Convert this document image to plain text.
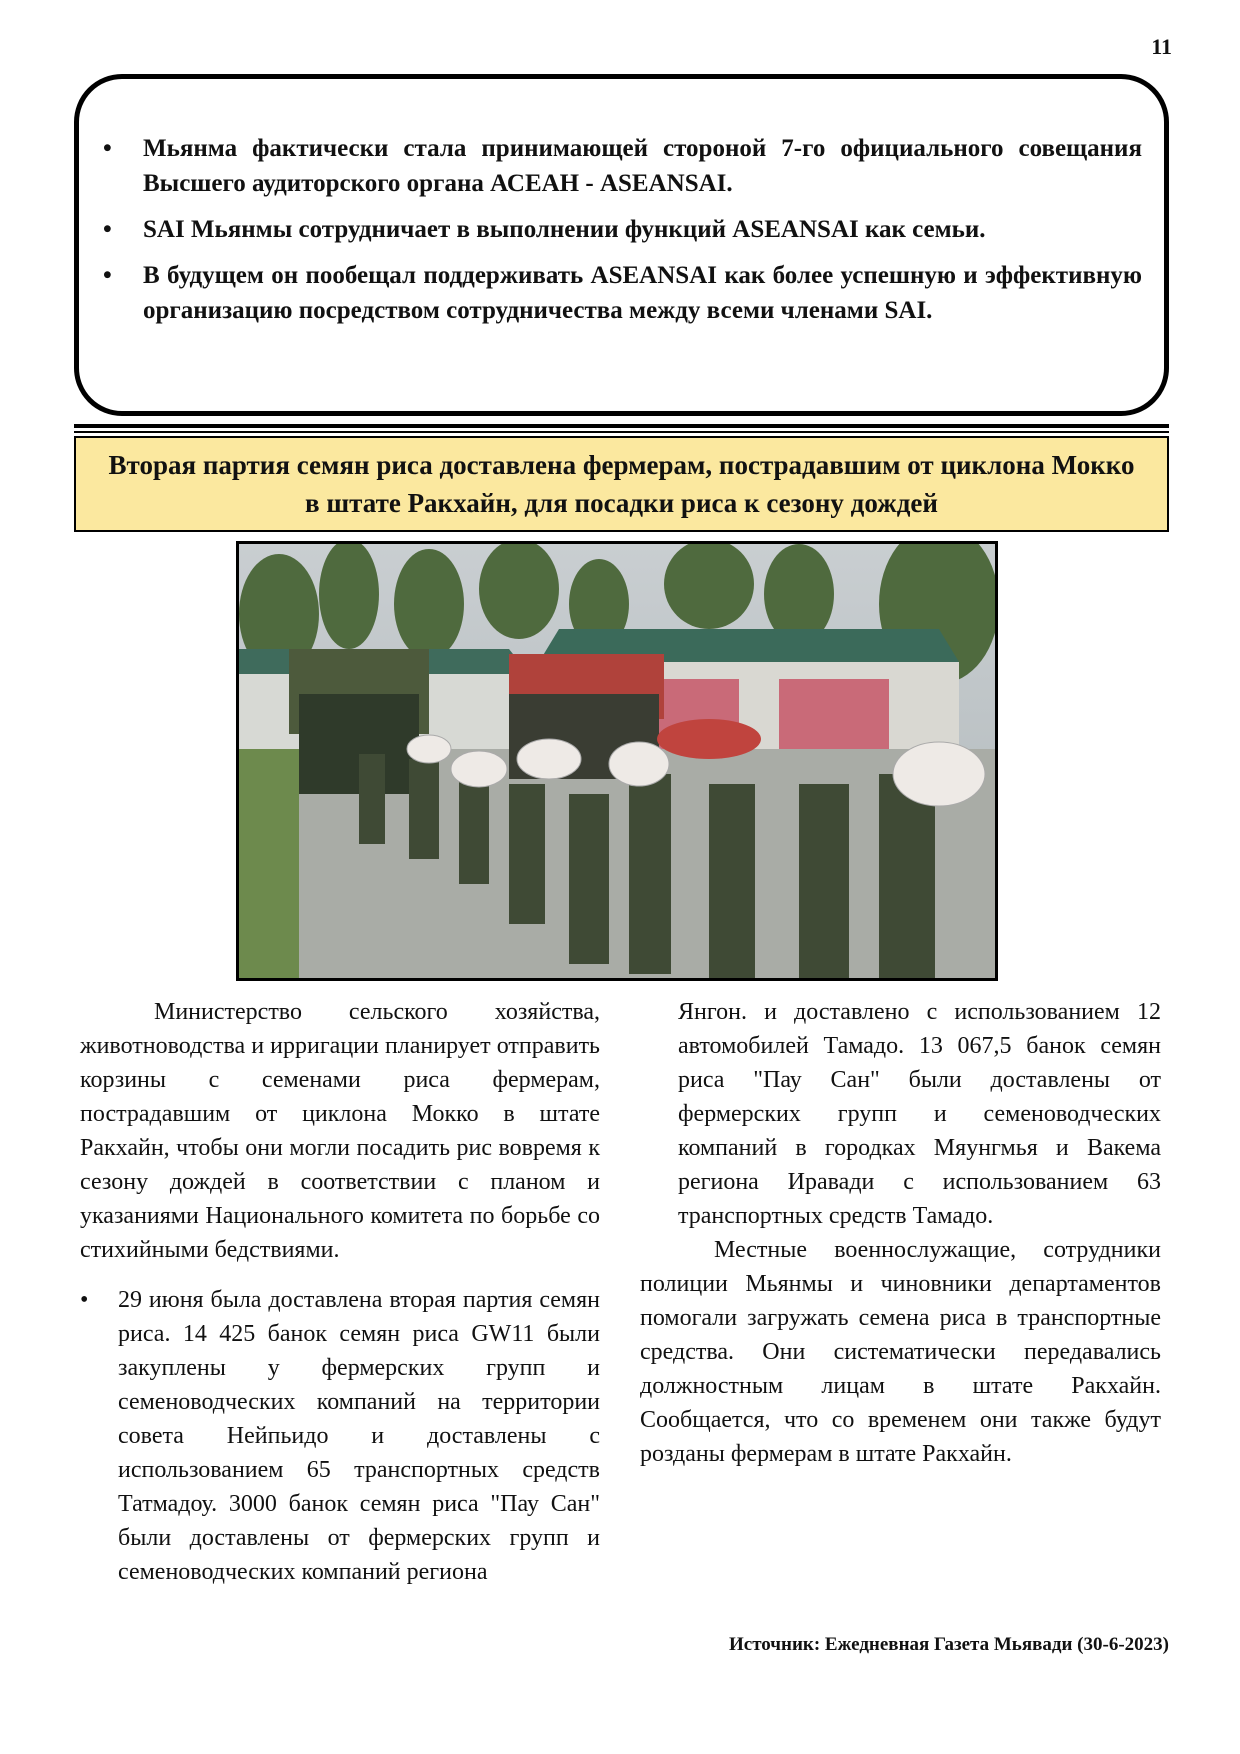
11
• Мьянма фактически стала принимающей стороной 7-го официального совещания Высшего аудиторского органа АСЕАН - ASEANSAI.
• SAI Мьянмы сотрудничает в выполнении функций ASEANSAI как семьи.
• В будущем он пообещал поддерживать ASEANSAI как более успешную и эффективную организацию посредством сотрудничества между всеми членами SAI.
Вторая партия семян риса доставлена фермерам, пострадавшим от циклона Мокко в штате Ракхайн, для посадки риса к сезону дождей

Министерство сельского хозяйства, животноводства и ирригации планирует отправить корзины с семенами риса фермерам, пострадавшим от циклона Мокко в штате Ракхайн, чтобы они могли посадить рис вовремя к сезону дождей в соответствии с планом и указаниями Национального комитета по борьбе со стихийными бедствиями.

• 29 июня была доставлена вторая партия семян риса. 14 425 банок семян риса GW11 были закуплены у фермерских групп и семеноводческих компаний на территории совета Нейпьидо и доставлены с использованием 65 транспортных средств Татмадоу. 3000 банок семян риса "Пау Сан" были доставлены от фермерских групп и семеноводческих компаний региона

Янгон. и доставлено с использованием 12 автомобилей Тамадо. 13 067,5 банок семян риса "Пау Сан" были доставлены от фермерских групп и семеноводческих компаний в городках Мяунгмья и Вакема региона Иравади с использованием 63 транспортных средств Тамадо.

Местные военнослужащие, сотрудники полиции Мьянмы и чиновники департаментов помогали загружать семена риса в транспортные средства. Они систематически передавались должностным лицам в штате Ракхайн. Сообщается, что со временем они также будут розданы фермерам в штате Ракхайн.

Источник: Ежедневная Газета Мьявади (30-6-2023)
